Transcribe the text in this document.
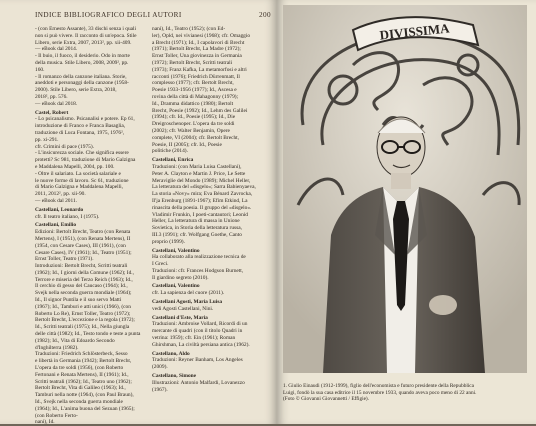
INDICE BIBLIOGRAFICO DEGLI AUTORI	200
- (con Ernesto Assante), 33 dischi senza i quali
non si può vivere. Il racconto di un'epoca. Stile
Libero, serie Extra, 2007, 2013², pp. xii-409.
— eBook dal 2014.
- Il buio, il fuoco, il desiderio. Odo in morte
della musica. Stile Libero, 2008, 2009², pp.
160.
- Il romanzo della canzone italiana. Storie,
aneddoti e personaggi della canzone (1958-
2000). Stile Libero, serie Extra, 2018,
2018², pp. 576.
— eBook dal 2018.
Castel, Robert
- Lo psicanalismo. Psicanalisi e potere. Ep 61,
introduzione di Franco e Franca Basaglia,
traduzione di Luca Fontana, 1975, 1976²,
pp. xi-291.
cfr. Crimini di pace (1975).
- L'insicurezza sociale. Che significa essere
protetti? Sc 981, traduzione di Mario Galzigna
e Maddalena Mapelli, 2004, pp. 100.
- Oltre il salariato. La società salariale e
le nuove forme di lavoro. Sc 61, traduzione
di Mario Galzigna e Maddalena Mapelli,
2011, 2012², pp. xii-90.
— eBook dal 2011.
Castellani, Leonardo
cfr. Il teatro italiano, I (1975).
Castellani, Emilio
Edizioni: Bertolt Brecht, Teatro (con Renata
Mertens), I (1951), (con Renata Mertens), II
(1954, con Cesare Cases), III (1961), (con
Cesare Cases), IV (1961); Id., Teatro (1951);
Ernst Toller, Teatro (1971).
Introduzioni: Bertolt Brecht, Scritti teatrali
(1962); Id., I giorni della Comune (1962); Id.,
Terrore e miseria del Terzo Reich (1963); Id.,
Il cerchio di gesso del Caucaso (1964); Id.,
Svejk nella seconda guerra mondiale (1964);
Id., Il signor Puntila e il suo servo Matti
(1967); Id., Tamburi e atti unici (1966), (con
Roberto Lo Re), Ernst Toller, Teatro (1972);
Bertolt Brecht, L'eccezione e la regola (1972);
Id., Scritti teatrali (1975); Id., Nella giungla
delle città (1982); Id., Testo tondo e teste a punta
(1982); Id., Vita di Edoardo Secondo
d'Inghilterra (1982).
Traduzioni: Friedrich Schlösterbeck, Sesso
e libertà in Germania (1942); Bertolt Brecht,
L'opera da tre soldi (1956), (con Roberto
Fertonani e Renata Mertens), II (1961); Id.,
Scritti teatrali (1962); Id., Teatro uno (1962);
Bertolt Brecht, Vita di Galileo (1963); Id.,
Tamburi nella notte (1964), (con Paul Braun),
Id., Svejk nella seconda guerra mondiale
(1964); Id., L'anima buona del Sezuan (1965);
(con Roberto Ferto-
nani), Id.
nani), Id., Teatro (1952); (con Ed-
ler), Opld, nei vivianesi (1968); cfr. Omaggio
a Brecht (1971); Id., I capolavori di Brecht
(1971); Bertolt Brecht, La Madre (1972);
Ernst Toller, Una giovinezza in Germania
(1972); Bertolt Brecht, Scritti teatrali
(1973); Franz Kafka, La metamorfosi e altri
racconti (1976); Friedrich Dürrenmatt, Il
complesso (1977); cfr. Bertolt Brecht,
Poesie 1933-1956 (1977); Id., Ascesa e
rovina della città di Mahagonny (1979);
Id., Dramma didattico (1980); Bertolt
Brecht, Poesie (1992); Id., Lehm des Galilei
(1994); cfr. Id., Poesie (1995); Id., Die
Dreigroschenoper. L'opera da tre soldi
(2002); cfr. Walter Benjamin, Opere
complete, VI (2004); cfr. Bertolt Brecht,
Poesie, II (2005); cfr. Id., Poesie
politiche (2014).
Castellani, Enrica
Traduzioni: (con Maria Luisa Castellani),
Peter A. Clayton e Martin J. Price, Le Sette
Meraviglie del Mondo (1989); Michel Heller,
La letteratura del «disgelo»; Sarra Babienyaeva,
La storia «Novy» mira; Eva Bénard Zavrocka,
Il'ja Erenburg (1891-1967); Efim Etkind, La
rinascita della poesia. Il gruppo del «disgelo».
Vladimir Frunkin, I poeti-cantautori; Leonid
Heller, La letteratura di massa in Unione
Sovietica, in Storia della letteratura russa,
III.3 (1991); cfr. Wolfgang Goethe, Canto
proprio (1999).
Castellani, Valentino
Ha collaborato alla realizzazione tecnica de
I Greci.
Traduzioni: cfr. Frances Hodgson Burnett,
Il giardino segreto (2010).
Castellani, Valentino
cfr. La sapienza del cuore (2011).
Castellani Agosti, Maria Luisa
vedi Agosti Castellani, Nini.
Castellani d'Este, Maria
Traduzioni: Ambroise Vollard, Ricordi di un
mercante di quadri (con il titolo Quadri in
vetrina: 1959); cfr. Ein (1961); Roman
Ghirshman, La civiltà persiana antica (1962).
Castellano, Aldo
Traduzioni: Reyner Banham, Los Angeles
(2009).
Castellano, Simone
Illustrazioni: Antonio Malfardi, Lovanezzo
(1967).
DIVISSIMA
1. Giulio Einaudi (1912-1999), figlio dell'economista e futuro presidente della Repubblica
Luigi, fondò la sua casa editrice il 15 novembre 1933, quando aveva poco meno di 22 anni.
(Foto © Giovanni Giovannetti / Effigie).
